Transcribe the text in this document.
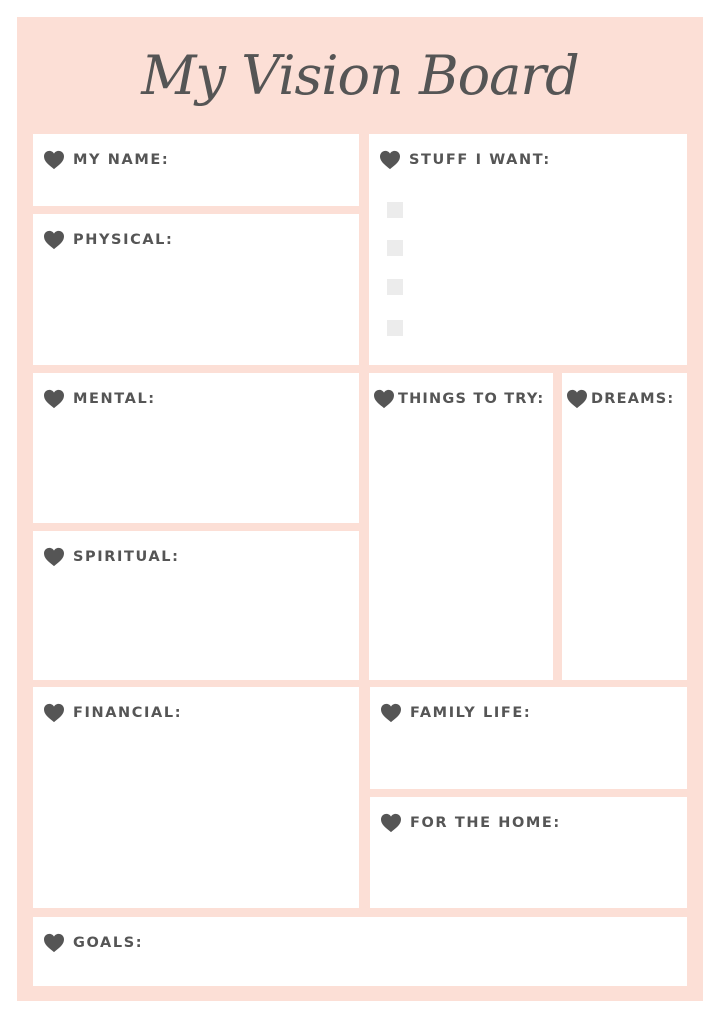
My Vision Board
MY NAME:	STUFF I WANT:
PHYSICAL:
MENTAL:	THINGS TO TRY:	DREAMS:
SPIRITUAL:
FINANCIAL:	FAMILY LIFE:
FOR THE HOME:
GOALS:
